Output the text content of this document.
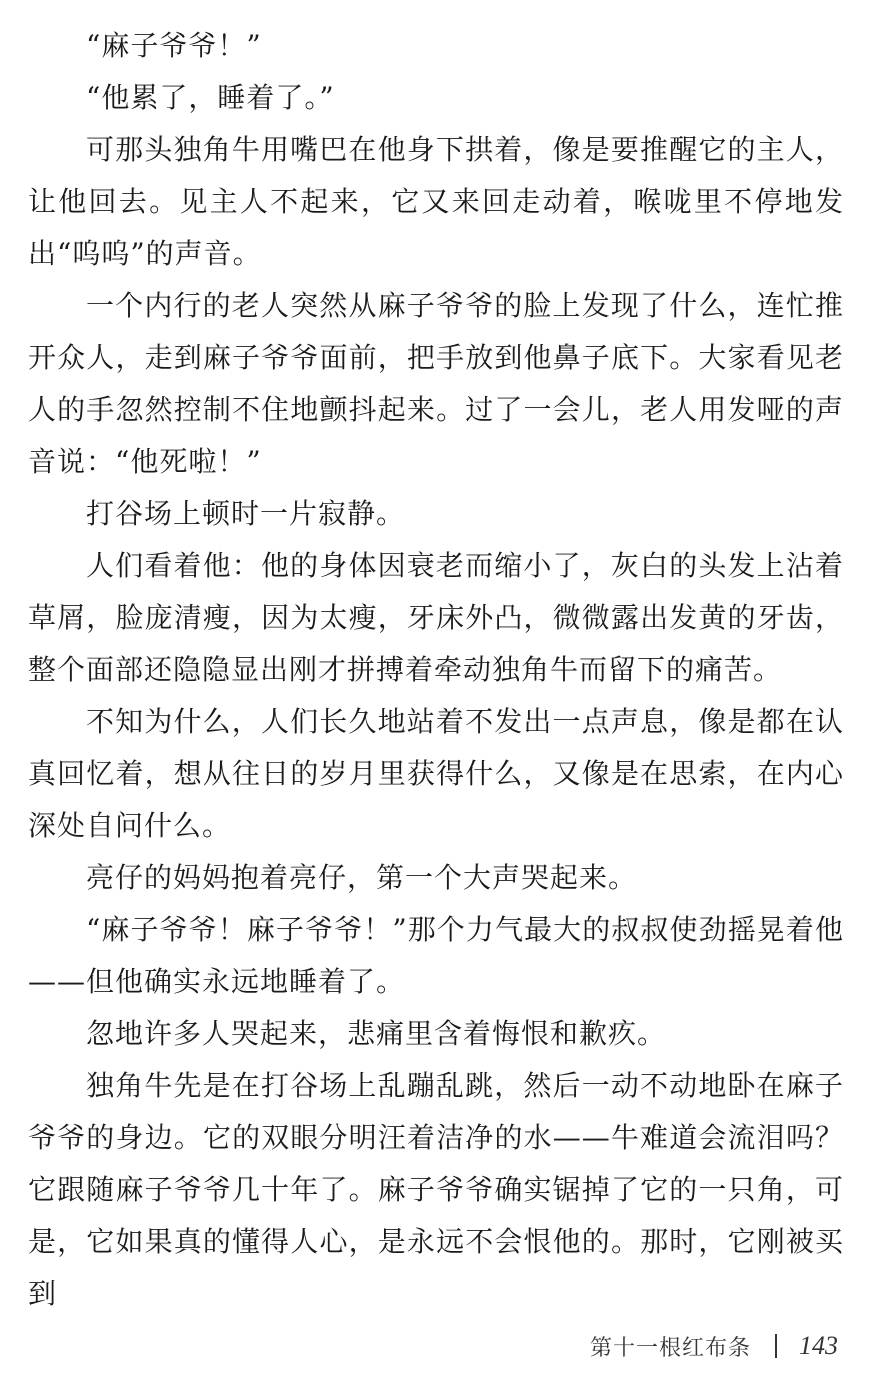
“麻子爷爷！”

“他累了，睡着了。”

可那头独角牛用嘴巴在他身下拱着，像是要推醒它的主人，让他回去。见主人不起来，它又来回走动着，喉咙里不停地发出“呜呜”的声音。

一个内行的老人突然从麻子爷爷的脸上发现了什么，连忙推开众人，走到麻子爷爷面前，把手放到他鼻子底下。大家看见老人的手忽然控制不住地颤抖起来。过了一会儿，老人用发哑的声音说：“他死啦！”

打谷场上顿时一片寂静。

人们看着他：他的身体因衰老而缩小了，灰白的头发上沾着草屑，脸庞清瘦，因为太瘦，牙床外凸，微微露出发黄的牙齿，整个面部还隐隐显出刚才拼搏着牵动独角牛而留下的痛苦。

不知为什么，人们长久地站着不发出一点声息，像是都在认真回忆着，想从往日的岁月里获得什么，又像是在思索，在内心深处自问什么。

亮仔的妈妈抱着亮仔，第一个大声哭起来。

“麻子爷爷！麻子爷爷！”那个力气最大的叔叔使劲摇晃着他——但他确实永远地睡着了。

忽地许多人哭起来，悲痛里含着悔恨和歉疚。

独角牛先是在打谷场上乱蹦乱跳，然后一动不动地卧在麻子爷爷的身边。它的双眼分明汪着洁净的水——牛难道会流泪吗？它跟随麻子爷爷几十年了。麻子爷爷确实锯掉了它的一只角，可是，它如果真的懂得人心，是永远不会恨他的。那时，它刚被买到

第十一根红布条 143
